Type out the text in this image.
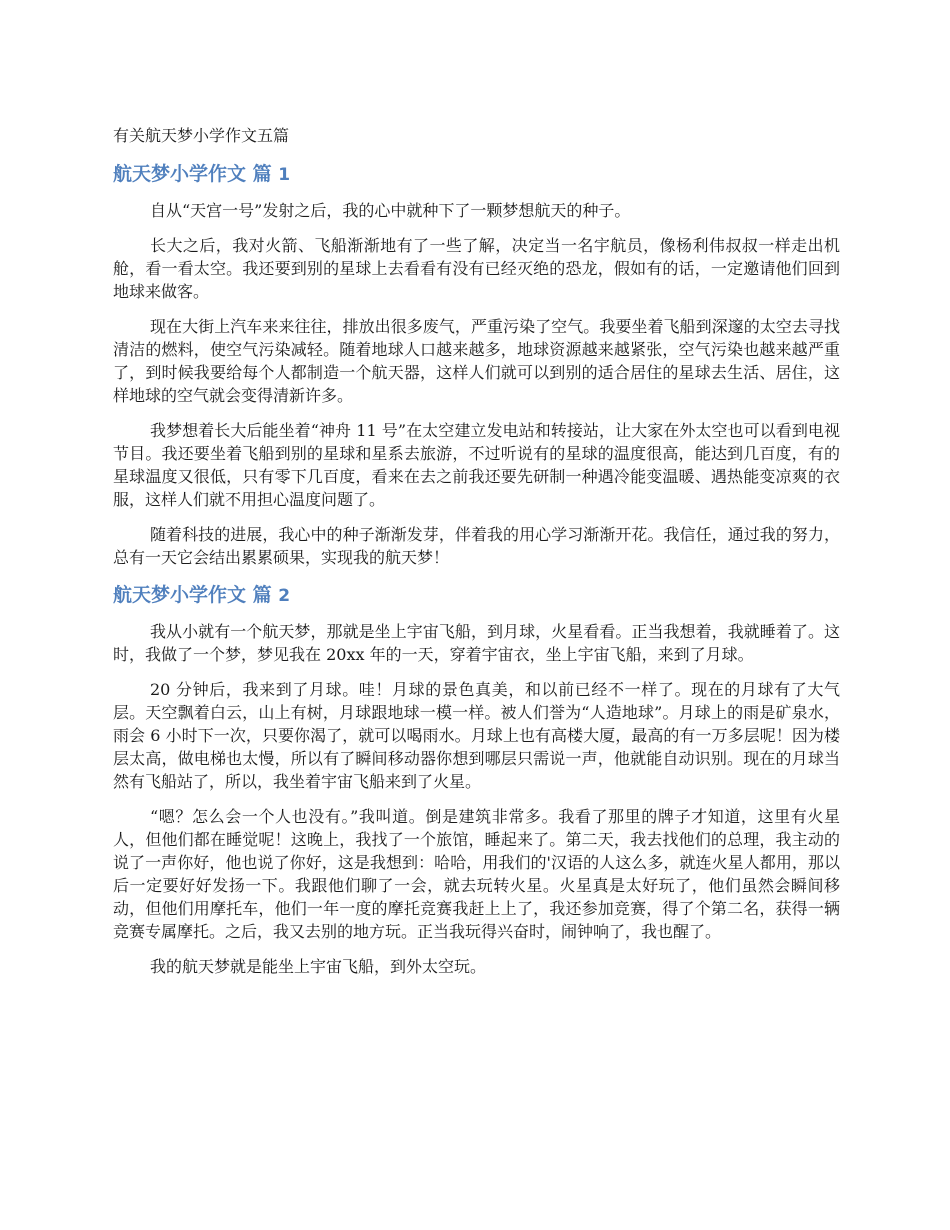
有关航天梦小学作文五篇
航天梦小学作文 篇 1

自从“天宫一号”发射之后，我的心中就种下了一颗梦想航天的种子。

长大之后，我对火箭、飞船渐渐地有了一些了解，决定当一名宇航员，像杨利伟叔叔一样走出机舱，看一看太空。我还要到别的星球上去看看有没有已经灭绝的恐龙，假如有的话，一定邀请他们回到地球来做客。

现在大街上汽车来来往往，排放出很多废气，严重污染了空气。我要坐着飞船到深邃的太空去寻找清洁的燃料，使空气污染减轻。随着地球人口越来越多，地球资源越来越紧张，空气污染也越来越严重了，到时候我要给每个人都制造一个航天器，这样人们就可以到别的适合居住的星球去生活、居住，这样地球的空气就会变得清新许多。

我梦想着长大后能坐着“神舟 11 号”在太空建立发电站和转接站，让大家在外太空也可以看到电视节目。我还要坐着飞船到别的星球和星系去旅游，不过听说有的星球的温度很高，能达到几百度，有的星球温度又很低，只有零下几百度，看来在去之前我还要先研制一种遇冷能变温暖、遇热能变凉爽的衣服，这样人们就不用担心温度问题了。

随着科技的进展，我心中的种子渐渐发芽，伴着我的用心学习渐渐开花。我信任，通过我的努力，总有一天它会结出累累硕果，实现我的航天梦！

航天梦小学作文 篇 2

我从小就有一个航天梦，那就是坐上宇宙飞船，到月球，火星看看。正当我想着，我就睡着了。这时，我做了一个梦，梦见我在 20xx 年的一天，穿着宇宙衣，坐上宇宙飞船，来到了月球。

20 分钟后，我来到了月球。哇！月球的景色真美，和以前已经不一样了。现在的月球有了大气层。天空飘着白云，山上有树，月球跟地球一模一样。被人们誉为“人造地球”。月球上的雨是矿泉水，雨会 6 小时下一次，只要你渴了，就可以喝雨水。月球上也有高楼大厦，最高的有一万多层呢！因为楼层太高，做电梯也太慢，所以有了瞬间移动器你想到哪层只需说一声，他就能自动识别。现在的月球当然有飞船站了，所以，我坐着宇宙飞船来到了火星。

“嗯？怎么会一个人也没有。”我叫道。倒是建筑非常多。我看了那里的牌子才知道，这里有火星人，但他们都在睡觉呢！这晚上，我找了一个旅馆，睡起来了。第二天，我去找他们的总理，我主动的说了一声你好，他也说了你好，这是我想到：哈哈，用我们的'汉语的人这么多，就连火星人都用，那以后一定要好好发扬一下。我跟他们聊了一会，就去玩转火星。火星真是太好玩了，他们虽然会瞬间移动，但他们用摩托车，他们一年一度的摩托竞赛我赶上上了，我还参加竞赛，得了个第二名，获得一辆竞赛专属摩托。之后，我又去别的地方玩。正当我玩得兴奋时，闹钟响了，我也醒了。

我的航天梦就是能坐上宇宙飞船，到外太空玩。
